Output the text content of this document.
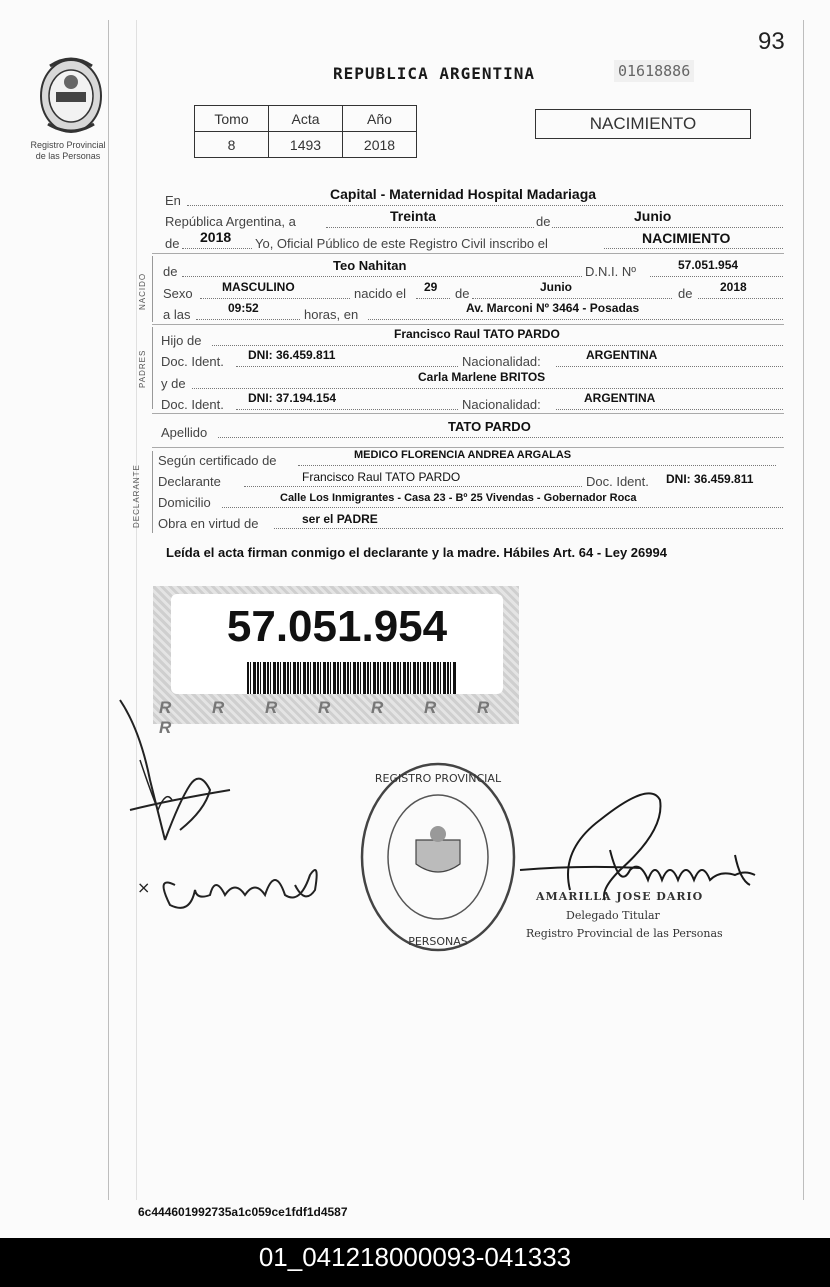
93
Registro Provincial
de las Personas
REPUBLICA ARGENTINA	01618886
Tomo	Acta	Año
8	1493	2018
NACIMIENTO
En	Capital - Maternidad Hospital Madariaga
República Argentina, a	Treinta	de	Junio
de 2018 Yo, Oficial Público de este Registro Civil inscribo el	NACIMIENTO
NACIDO
de	Teo Nahitan	D.N.I. Nº	57.051.954
Sexo MASCULINO	nacido el 29 de	Junio	de 2018
a las	09:52	horas, en	Av. Marconi Nº 3464 - Posadas
PADRES
Hijo de	Francisco Raul TATO PARDO
Doc. Ident. DNI: 36.459.811	Nacionalidad:	ARGENTINA
y de	Carla Marlene BRITOS
Doc. Ident. DNI: 37.194.154	Nacionalidad:	ARGENTINA
Apellido	TATO PARDO
DECLARANTE
Según certificado de	MEDICO FLORENCIA ANDREA ARGALAS
Declarante	Francisco Raul TATO PARDO	Doc. Ident. DNI: 36.459.811
Domicilio	Calle Los Inmigrantes - Casa 23 - Bº 25 Vivendas - Gobernador Roca
Obra en virtud de	ser el PADRE
Leída el acta firman conmigo el declarante y la madre. Hábiles Art. 64 - Ley 26994
57.051.954
R R R R R R R R
×
REGISTRO PROVINCIAL
PERSONAS
AMARILLA JOSE DARIO
Delegado Titular
Registro Provincial de las Personas
6c444601992735a1c059ce1fdf1d4587
01_041218000093-041333
